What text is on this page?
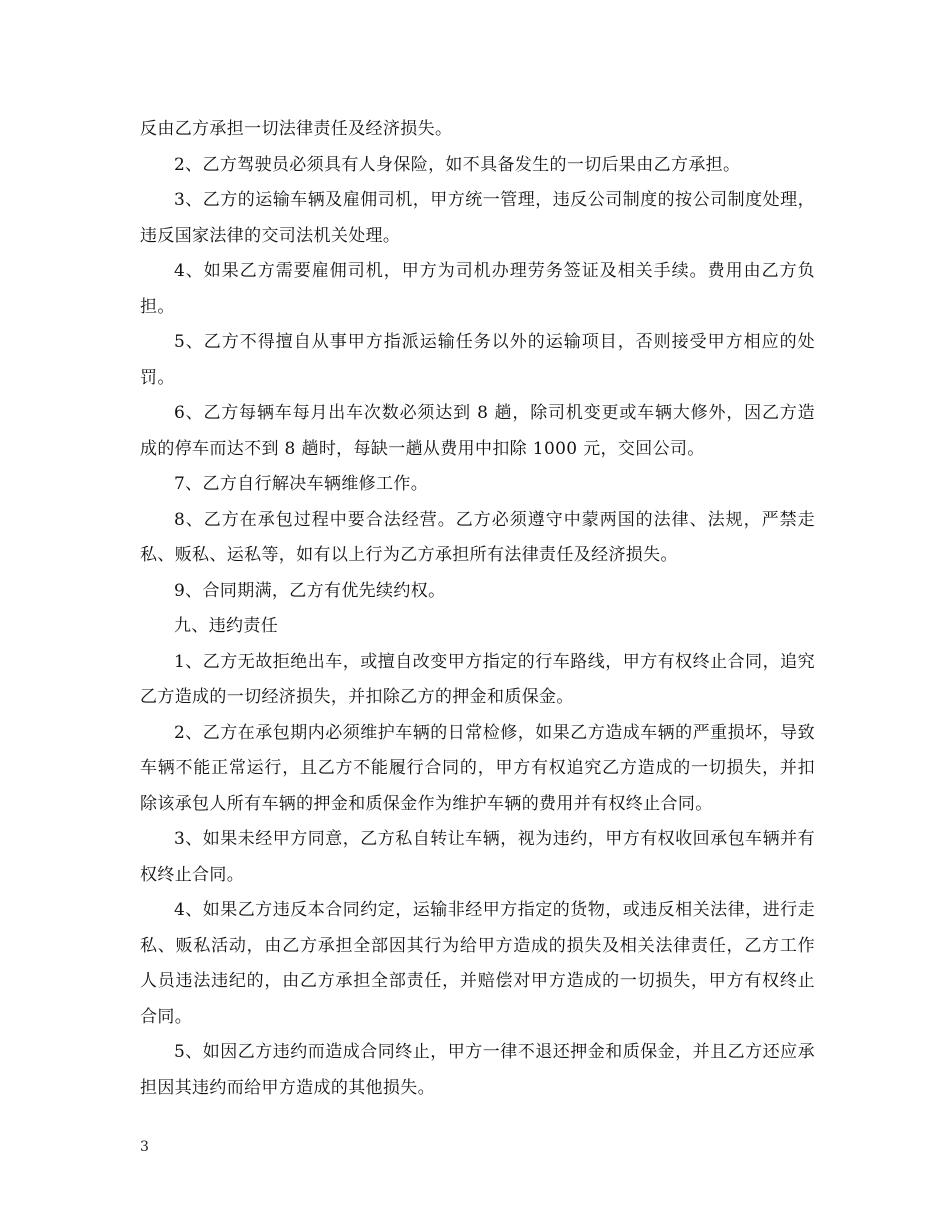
反由乙方承担一切法律责任及经济损失。

2、乙方驾驶员必须具有人身保险，如不具备发生的一切后果由乙方承担。

3、乙方的运输车辆及雇佣司机，甲方统一管理，违反公司制度的按公司制度处理，违反国家法律的交司法机关处理。

4、如果乙方需要雇佣司机，甲方为司机办理劳务签证及相关手续。费用由乙方负担。

5、乙方不得擅自从事甲方指派运输任务以外的运输项目，否则接受甲方相应的处罚。

6、乙方每辆车每月出车次数必须达到 8 趟，除司机变更或车辆大修外，因乙方造成的停车而达不到 8 趟时，每缺一趟从费用中扣除 1000 元，交回公司。

7、乙方自行解决车辆维修工作。

8、乙方在承包过程中要合法经营。乙方必须遵守中蒙两国的法律、法规，严禁走私、贩私、运私等，如有以上行为乙方承担所有法律责任及经济损失。

9、合同期满，乙方有优先续约权。

九、违约责任

1、乙方无故拒绝出车，或擅自改变甲方指定的行车路线，甲方有权终止合同，追究乙方造成的一切经济损失，并扣除乙方的押金和质保金。

2、乙方在承包期内必须维护车辆的日常检修，如果乙方造成车辆的严重损坏，导致车辆不能正常运行，且乙方不能履行合同的，甲方有权追究乙方造成的一切损失，并扣除该承包人所有车辆的押金和质保金作为维护车辆的费用并有权终止合同。

3、如果未经甲方同意，乙方私自转让车辆，视为违约，甲方有权收回承包车辆并有权终止合同。

4、如果乙方违反本合同约定，运输非经甲方指定的货物，或违反相关法律，进行走私、贩私活动，由乙方承担全部因其行为给甲方造成的损失及相关法律责任，乙方工作人员违法违纪的，由乙方承担全部责任，并赔偿对甲方造成的一切损失，甲方有权终止合同。

5、如因乙方违约而造成合同终止，甲方一律不退还押金和质保金，并且乙方还应承担因其违约而给甲方造成的其他损失。

3
